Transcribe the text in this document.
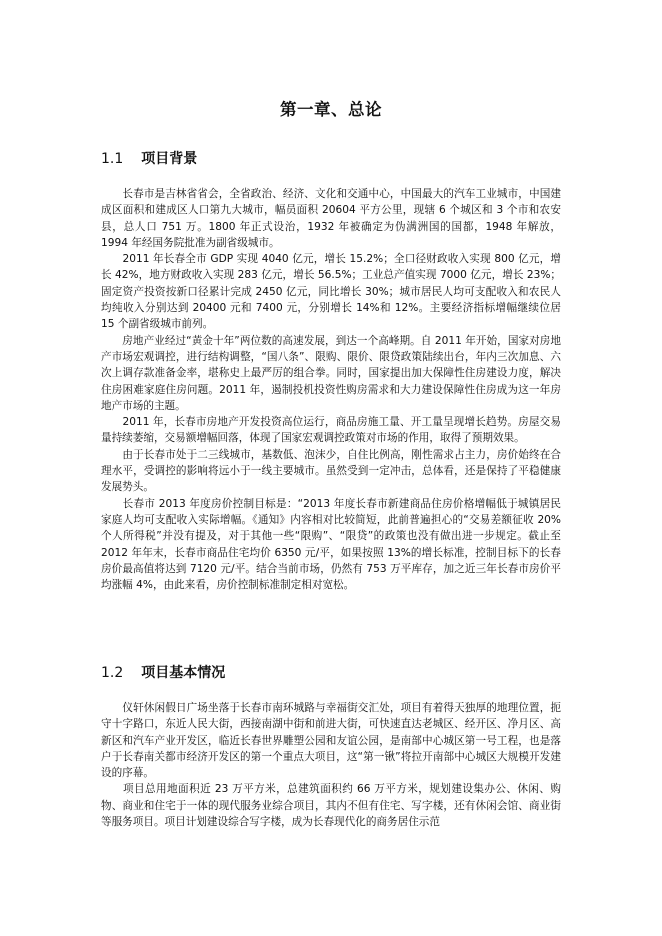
第一章、总论
1.1 项目背景

　　长春市是吉林省省会，全省政治、经济、文化和交通中心，中国最大的汽车工业城市，中国建成区面积和建成区人口第九大城市，幅员面积 20604 平方公里，现辖 6 个城区和 3 个市和农安县，总人口 751 万。1800 年正式设治，1932 年被确定为伪满洲国的国都，1948 年解放，1994 年经国务院批准为副省级城市。

　　2011 年长春全市 GDP 实现 4040 亿元，增长 15.2%；全口径财政收入实现 800 亿元，增长 42%，地方财政收入实现 283 亿元，增长 56.5%；工业总产值实现 7000 亿元，增长 23%；固定资产投资按新口径累计完成 2450 亿元，同比增长 30%；城市居民人均可支配收入和农民人均纯收入分别达到 20400 元和 7400 元，分别增长 14%和 12%。主要经济指标增幅继续位居 15 个副省级城市前列。

　　房地产业经过“黄金十年”两位数的高速发展，到达一个高峰期。自 2011 年开始，国家对房地产市场宏观调控，进行结构调整，“国八条”、限购、限价、限贷政策陆续出台，年内三次加息、六次上调存款准备金率，堪称史上最严厉的组合拳。同时，国家提出加大保障性住房建设力度，解决住房困难家庭住房问题。2011 年，遏制投机投资性购房需求和大力建设保障性住房成为这一年房地产市场的主题。

　　2011 年，长春市房地产开发投资高位运行，商品房施工量、开工量呈现增长趋势。房屋交易量持续萎缩，交易额增幅回落，体现了国家宏观调控政策对市场的作用，取得了预期效果。

　　由于长春市处于二三线城市，基数低、泡沫少，自住比例高，刚性需求占主力，房价始终在合理水平，受调控的影响将远小于一线主要城市。虽然受到一定冲击，总体看，还是保持了平稳健康发展势头。

　　长春市 2013 年度房价控制目标是：“2013 年度长春市新建商品住房价格增幅低于城镇居民家庭人均可支配收入实际增幅。《通知》内容相对比较简短，此前普遍担心的“交易差额征收 20%个人所得税”并没有提及，对于其他一些“限购”、“限贷”的政策也没有做出进一步规定。截止至 2012 年年末，长春市商品住宅均价 6350 元/平，如果按照 13%的增长标准，控制目标下的长春房价最高值将达到 7120 元/平。结合当前市场，仍然有 753 万平库存，加之近三年长春市房价平均涨幅 4%，由此来看，房价控制标准制定相对宽松。

1.2 项目基本情况

　　仪轩休闲假日广场坐落于长春市南环城路与幸福街交汇处，项目有着得天独厚的地理位置，扼守十字路口，东近人民大街，西接南湖中街和前进大街，可快速直达老城区、经开区、净月区、高新区和汽车产业开发区，临近长春世界雕塑公园和友谊公园，是南部中心城区第一号工程，也是落户于长春南关都市经济开发区的第一个重点大项目，这“第一锹”将拉开南部中心城区大规模开发建设的序幕。

　　项目总用地面积近 23 万平方米，总建筑面积约 66 万平方米，规划建设集办公、休闲、购物、商业和住宅于一体的现代服务业综合项目，其内不但有住宅、写字楼，还有休闲会馆、商业街等服务项目。项目计划建设综合写字楼，成为长春现代化的商务居住示范
